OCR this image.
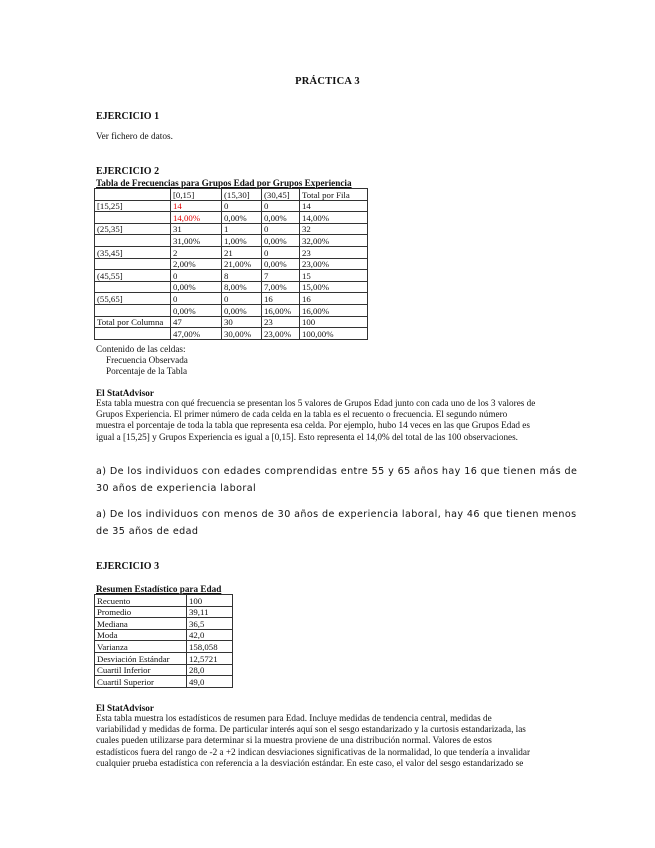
PRÁCTICA 3
EJERCICIO 1
Ver fichero de datos.
EJERCICIO 2
Tabla de Frecuencias para Grupos Edad por Grupos Experiencia
	[0,15]	(15,30]	(30,45]	Total por Fila
[15,25]	14	0	0	14
	14,00%	0,00%	0,00%	14,00%
(25,35]	31	1	0	32
	31,00%	1,00%	0,00%	32,00%
(35,45]	2	21	0	23
	2,00%	21,00%	0,00%	23,00%
(45,55]	0	8	7	15
	0,00%	8,00%	7,00%	15,00%
(55,65]	0	0	16	16
	0,00%	0,00%	16,00%	16,00%
Total por Columna	47	30	23	100
	47,00%	30,00%	23,00%	100,00%
Contenido de las celdas:
Frecuencia Observada
Porcentaje de la Tabla
El StatAdvisor
Esta tabla muestra con qué frecuencia se presentan los 5 valores de Grupos Edad junto con cada uno de los 3 valores de
Grupos Experiencia. El primer número de cada celda en la tabla es el recuento o frecuencia. El segundo número
muestra el porcentaje de toda la tabla que representa esa celda. Por ejemplo, hubo 14 veces en las que Grupos Edad es
igual a [15,25] y Grupos Experiencia es igual a [0,15]. Esto representa el 14,0% del total de las 100 observaciones.
a) De los individuos con edades comprendidas entre 55 y 65 años hay 16 que tienen más de
30 años de experiencia laboral
a) De los individuos con menos de 30 años de experiencia laboral, hay 46 que tienen menos
de 35 años de edad
EJERCICIO 3
Resumen Estadístico para Edad
Recuento	100
Promedio	39,11
Mediana	36,5
Moda	42,0
Varianza	158,058
Desviación Estándar	12,5721
Cuartil Inferior	28,0
Cuartil Superior	49,0
El StatAdvisor
Esta tabla muestra los estadísticos de resumen para Edad. Incluye medidas de tendencia central, medidas de
variabilidad y medidas de forma. De particular interés aquí son el sesgo estandarizado y la curtosis estandarizada, las
cuales pueden utilizarse para determinar si la muestra proviene de una distribución normal. Valores de estos
estadísticos fuera del rango de -2 a +2 indican desviaciones significativas de la normalidad, lo que tendería a invalidar
cualquier prueba estadística con referencia a la desviación estándar. En este caso, el valor del sesgo estandarizado se
